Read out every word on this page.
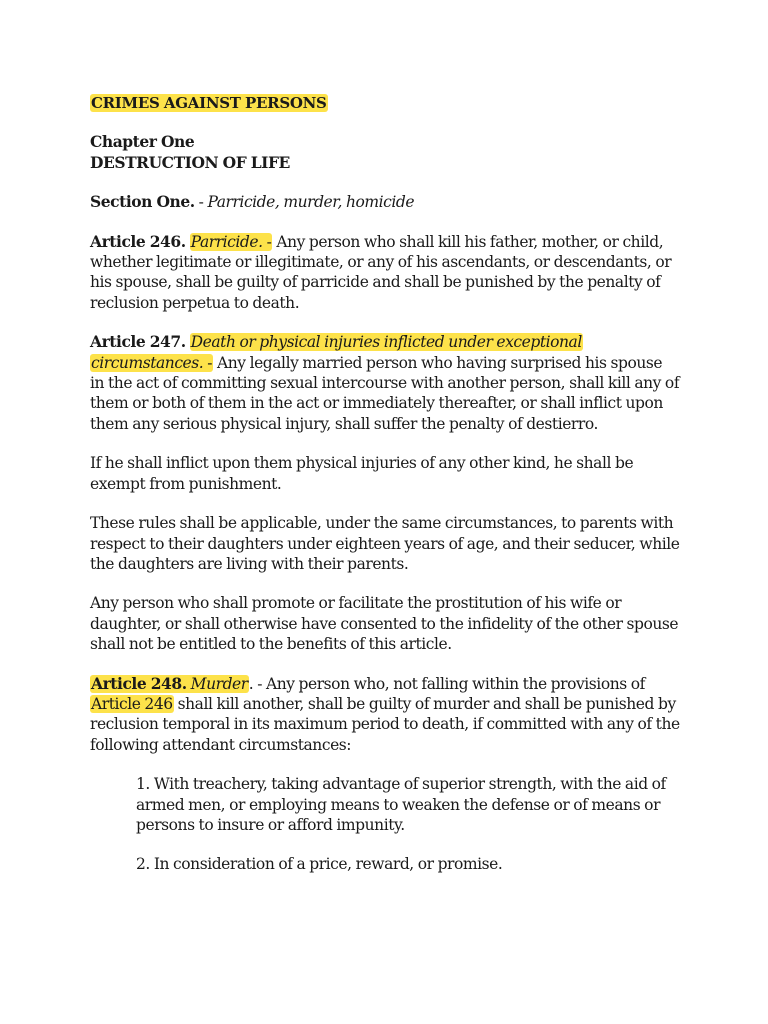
CRIMES AGAINST PERSONS

Chapter One

DESTRUCTION OF LIFE

Section One. - Parricide, murder, homicide

Article 246. Parricide. - Any person who shall kill his father, mother, or child, whether legitimate or illegitimate, or any of his ascendants, or descendants, or his spouse, shall be guilty of parricide and shall be punished by the penalty of reclusion perpetua to death.

Article 247. Death or physical injuries inflicted under exceptional circumstances. - Any legally married person who having surprised his spouse in the act of committing sexual intercourse with another person, shall kill any of them or both of them in the act or immediately thereafter, or shall inflict upon them any serious physical injury, shall suffer the penalty of destierro.

If he shall inflict upon them physical injuries of any other kind, he shall be exempt from punishment.

These rules shall be applicable, under the same circumstances, to parents with respect to their daughters under eighteen years of age, and their seducer, while the daughters are living with their parents.

Any person who shall promote or facilitate the prostitution of his wife or daughter, or shall otherwise have consented to the infidelity of the other spouse shall not be entitled to the benefits of this article.

Article 248. Murder. - Any person who, not falling within the provisions of Article 246 shall kill another, shall be guilty of murder and shall be punished by reclusion temporal in its maximum period to death, if committed with any of the following attendant circumstances:

1. With treachery, taking advantage of superior strength, with the aid of armed men, or employing means to weaken the defense or of means or persons to insure or afford impunity.

2. In consideration of a price, reward, or promise.
